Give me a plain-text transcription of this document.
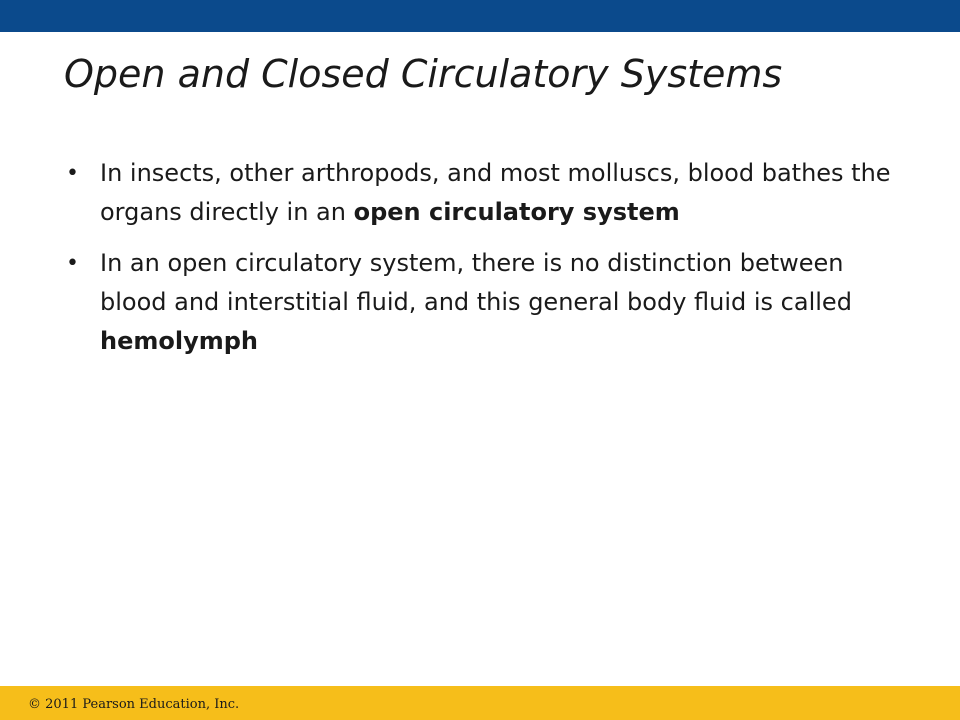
Open and Closed Circulatory Systems
• In insects, other arthropods, and most molluscs, blood bathes the organs directly in an open circulatory system
• In an open circulatory system, there is no distinction between blood and interstitial fluid, and this general body fluid is called hemolymph
© 2011 Pearson Education, Inc.
